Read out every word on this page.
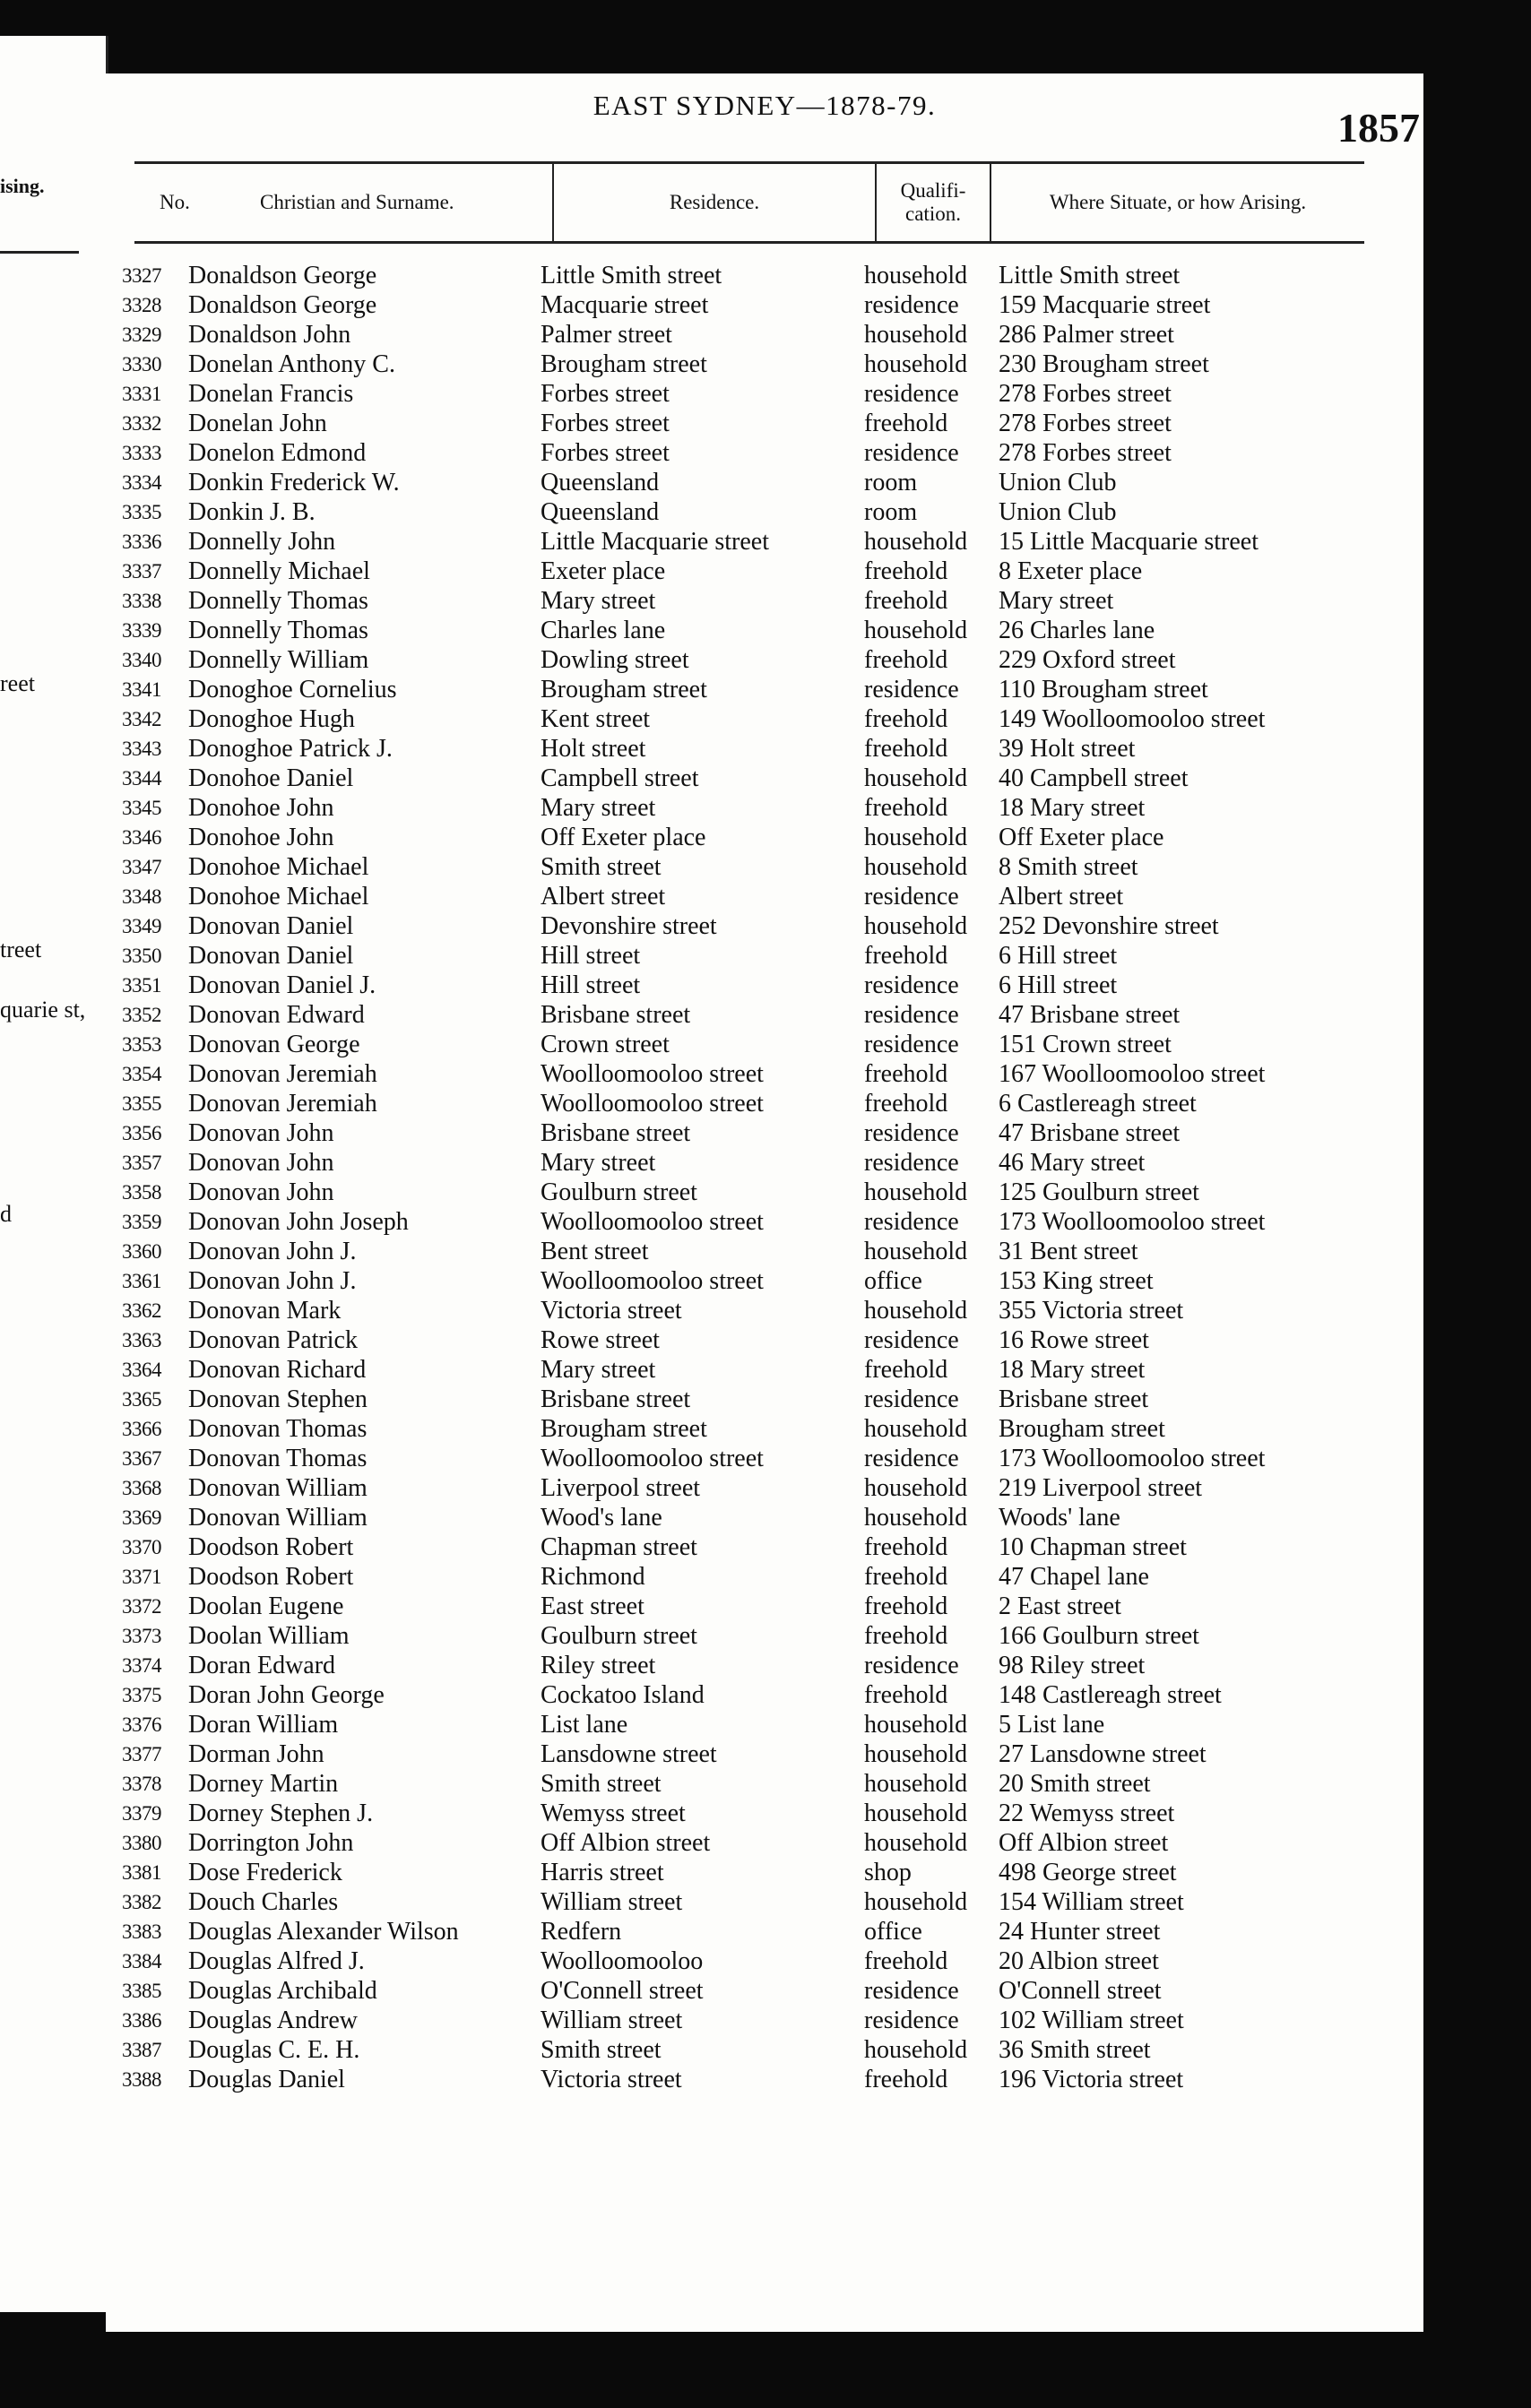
ising.
reet
treet
quarie st,
d
EAST SYDNEY—1878-79.	1857
No.	Christian and Surname.	Residence.
Qualifi-
cation.
Where Situate, or how Arising.
3327 Donaldson George	Little Smith street	household Little Smith street
3328 Donaldson George	Macquarie street	residence 159 Macquarie street
3329 Donaldson John	Palmer street	household 286 Palmer street
3330 Donelan Anthony C.	Brougham street	household 230 Brougham street
3331 Donelan Francis	Forbes street	residence 278 Forbes street
3332 Donelan John	Forbes street	freehold 278 Forbes street
3333 Donelon Edmond	Forbes street	residence 278 Forbes street
3334 Donkin Frederick W.	Queensland	room	Union Club
3335 Donkin J. B.	Queensland	room	Union Club
3336 Donnelly John	Little Macquarie street	household 15 Little Macquarie street
3337 Donnelly Michael	Exeter place	freehold 8 Exeter place
3338 Donnelly Thomas	Mary street	freehold Mary street
3339 Donnelly Thomas	Charles lane	household 26 Charles lane
3340 Donnelly William	Dowling street	freehold 229 Oxford street
3341 Donoghoe Cornelius	Brougham street	residence 110 Brougham street
3342 Donoghoe Hugh	Kent street	freehold 149 Woolloomooloo street
3343 Donoghoe Patrick J.	Holt street	freehold 39 Holt street
3344 Donohoe Daniel	Campbell street	household 40 Campbell street
3345 Donohoe John	Mary street	freehold 18 Mary street
3346 Donohoe John	Off Exeter place	household Off Exeter place
3347 Donohoe Michael	Smith street	household 8 Smith street
3348 Donohoe Michael	Albert street	residence Albert street
3349 Donovan Daniel	Devonshire street	household 252 Devonshire street
3350 Donovan Daniel	Hill street	freehold 6 Hill street
3351 Donovan Daniel J.	Hill street	residence 6 Hill street
3352 Donovan Edward	Brisbane street	residence 47 Brisbane street
3353 Donovan George	Crown street	residence 151 Crown street
3354 Donovan Jeremiah	Woolloomooloo street	freehold 167 Woolloomooloo street
3355 Donovan Jeremiah	Woolloomooloo street	freehold 6 Castlereagh street
3356 Donovan John	Brisbane street	residence 47 Brisbane street
3357 Donovan John	Mary street	residence 46 Mary street
3358 Donovan John	Goulburn street	household 125 Goulburn street
3359 Donovan John Joseph	Woolloomooloo street	residence 173 Woolloomooloo street
3360 Donovan John J.	Bent street	household 31 Bent street
3361 Donovan John J.	Woolloomooloo street	office	153 King street
3362 Donovan Mark	Victoria street	household 355 Victoria street
3363 Donovan Patrick	Rowe street	residence 16 Rowe street
3364 Donovan Richard	Mary street	freehold 18 Mary street
3365 Donovan Stephen	Brisbane street	residence Brisbane street
3366 Donovan Thomas	Brougham street	household Brougham street
3367 Donovan Thomas	Woolloomooloo street	residence 173 Woolloomooloo street
3368 Donovan William	Liverpool street	household 219 Liverpool street
3369 Donovan William	Wood's lane	household Woods' lane
3370 Doodson Robert	Chapman street	freehold 10 Chapman street
3371 Doodson Robert	Richmond	freehold 47 Chapel lane
3372 Doolan Eugene	East street	freehold 2 East street
3373 Doolan William	Goulburn street	freehold 166 Goulburn street
3374 Doran Edward	Riley street	residence 98 Riley street
3375 Doran John George	Cockatoo Island	freehold 148 Castlereagh street
3376 Doran William	List lane	household 5 List lane
3377 Dorman John	Lansdowne street	household 27 Lansdowne street
3378 Dorney Martin	Smith street	household 20 Smith street
3379 Dorney Stephen J.	Wemyss street	household 22 Wemyss street
3380 Dorrington John	Off Albion street	household Off Albion street
3381 Dose Frederick	Harris street	shop	498 George street
3382 Douch Charles	William street	household 154 William street
3383 Douglas Alexander Wilson	Redfern	office	24 Hunter street
3384 Douglas Alfred J.	Woolloomooloo	freehold 20 Albion street
3385 Douglas Archibald	O'Connell street	residence O'Connell street
3386 Douglas Andrew	William street	residence 102 William street
3387 Douglas C. E. H.	Smith street	household 36 Smith street
3388 Douglas Daniel	Victoria street	freehold 196 Victoria street
